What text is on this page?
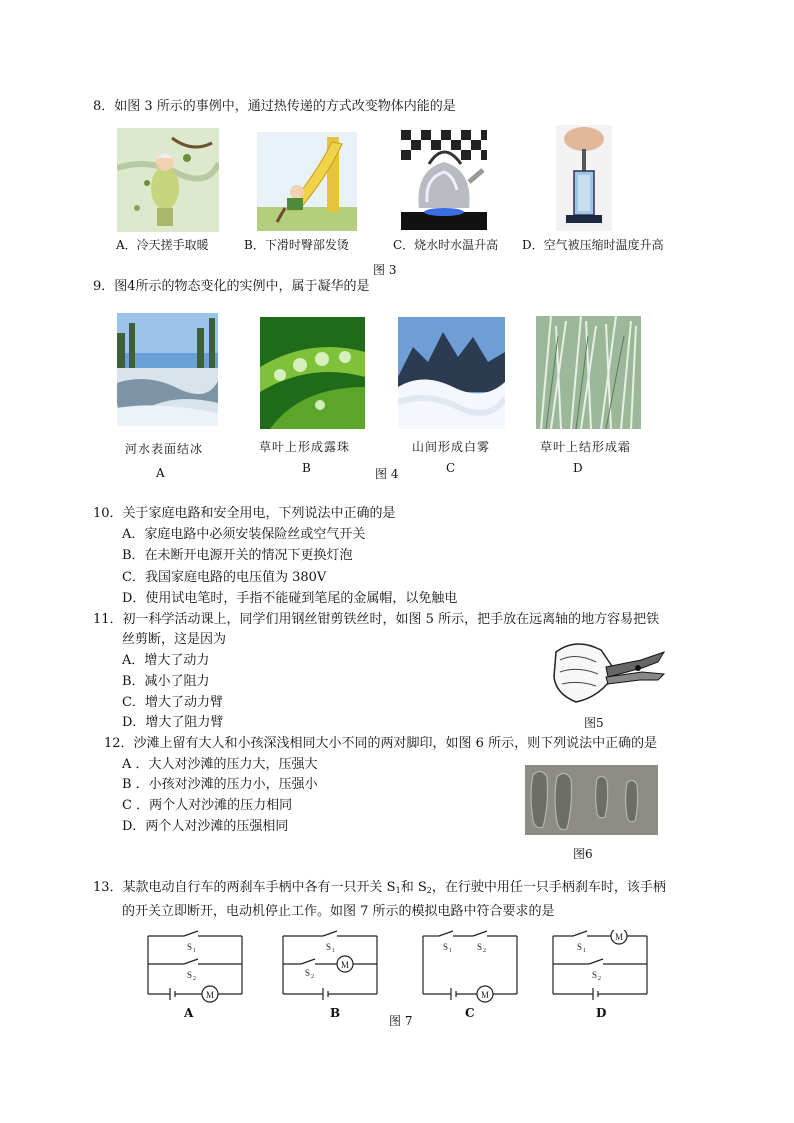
8．如图 3 所示的事例中，通过热传递的方式改变物体内能的是
A．冷天搓手取暖	B．下滑时臀部发烫	C．烧水时水温升高 D．空气被压缩时温度升高
图 3
9．图4所示的物态变化的实例中，属于凝华的是
河水表面结冰	草叶上形成露珠	山间形成白雾	草叶上结形成霜
A	B	图 4	C	D
10．关于家庭电路和安全用电，下列说法中正确的是
A．家庭电路中必须安装保险丝或空气开关
B．在未断开电源开关的情况下更换灯泡
C．我国家庭电路的电压值为 380V
D．使用试电笔时，手指不能碰到笔尾的金属帽，以免触电
11．初一科学活动课上，同学们用钢丝钳剪铁丝时，如图 5 所示，把手放在远离轴的地方容易把铁
丝剪断，这是因为
A．增大了动力
B．减小了阻力
C．增大了动力臂
D．增大了阻力臂	图5
12．沙滩上留有大人和小孩深浅相同大小不同的两对脚印，如图 6 所示，则下列说法中正确的是
A ．大人对沙滩的压力大，压强大
B ．小孩对沙滩的压力小，压强小
C ．两个人对沙滩的压力相同
D．两个人对沙滩的压强相同
图6
13．某款电动自行车的两刹车手柄中各有一只开关 $S_1$和 $S_2$，在行驶中用任一只手柄刹车时，该手柄
的开关立即断开，电动机停止工作。如图 7 所示的模拟电路中符合要求的是
S 1
S 2
M
A
S 1
S 2
M
B
S 1	S 2
M
C
S 1
S 2
M
D
图 7
